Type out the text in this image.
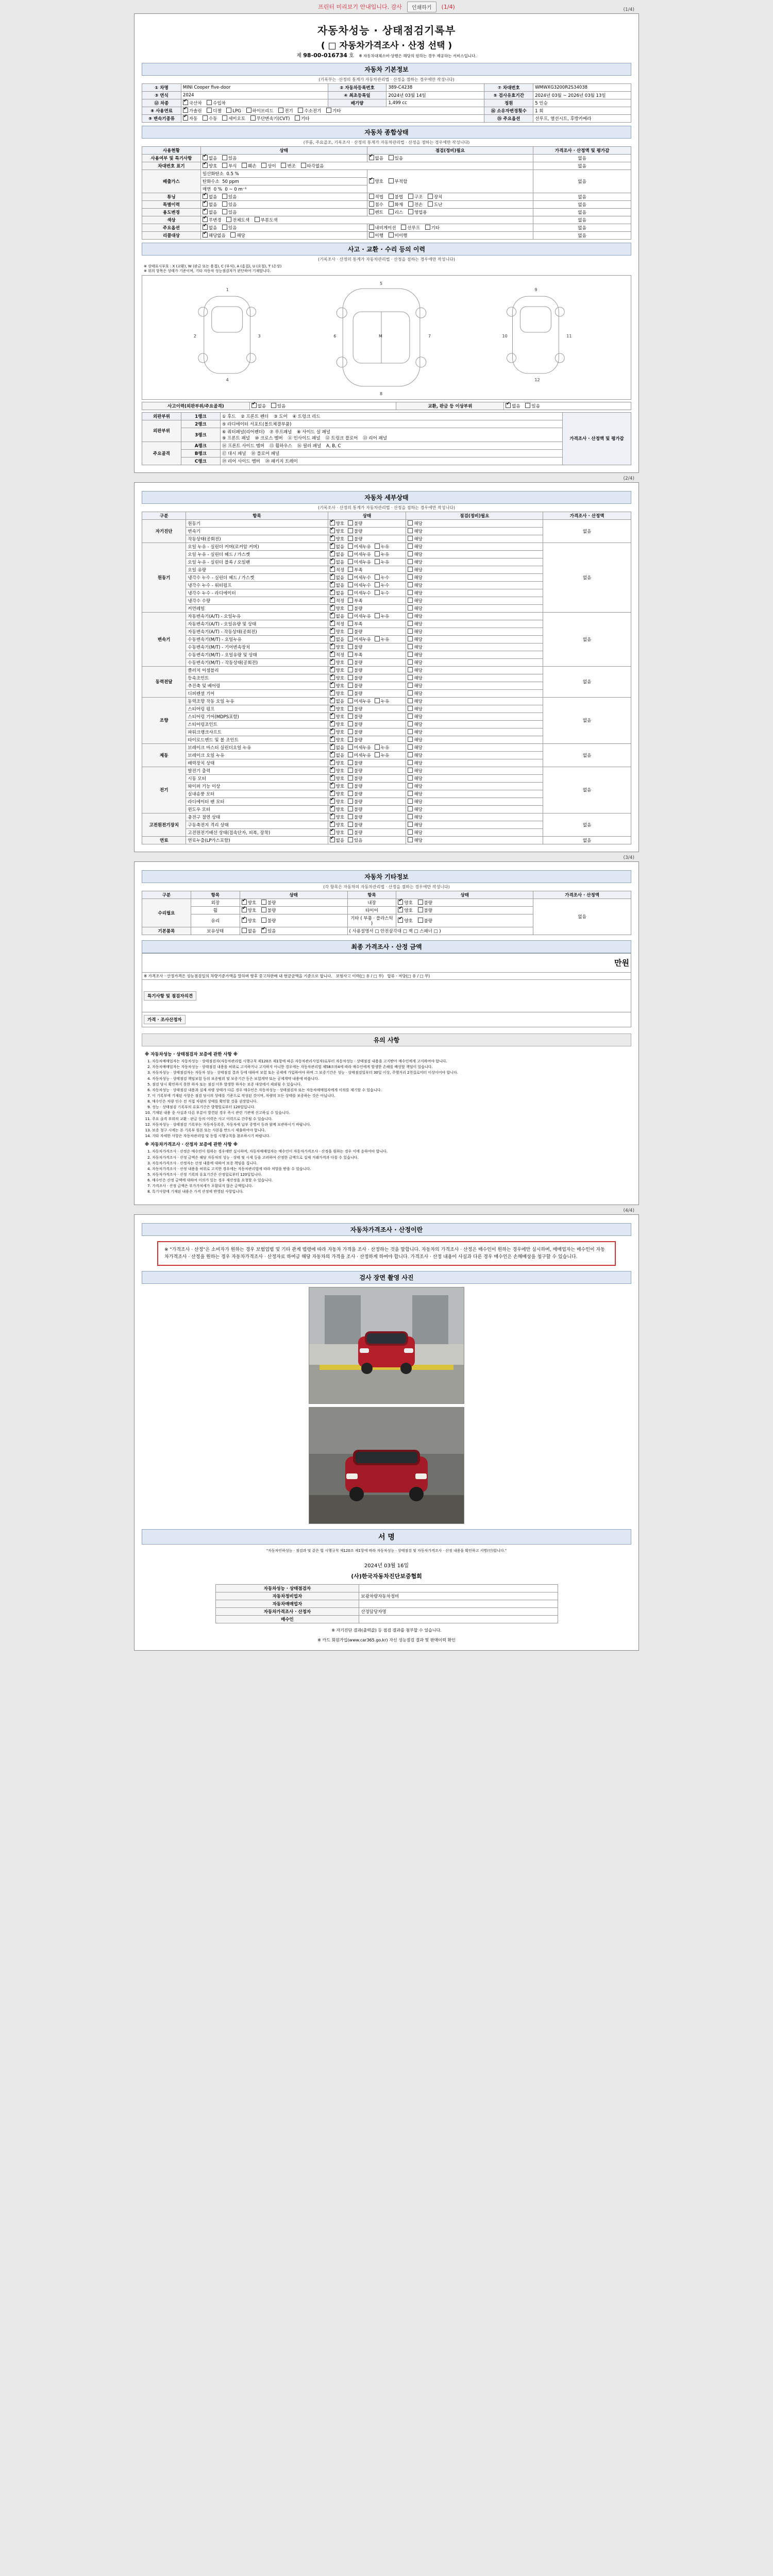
프린터 미리보기 안내입니다. 감사	인쇄하기	(1/4)	(1/4)
자동차성능 · 상태점검기록부
( □ 자동차가격조사 · 산정 선택 )
제 98-00-016734 호 ※ 자동차대체소비·상행은 해당의 원하는 경우 제공하는 서비스입니다.
자동차 기본정보
(기록부는 ·산정의 통계가 자동차관리법 · 산정을 점하는 경우에만 작성니다)
① 차명	MINI Cooper five-door	② 자동차등록번호	389-C4238	⑦ 차대번호	WMWXG3200R2S34038
③ 연식	2024	④ 최초등록일	2024년 03월 14일	⑤ 검사유효기간	2024년 03월 ~ 2026년 03월 13일
⑫ 차종	✔국산차 수입차	배기량	1,499 cc	정원	5 인승
⑧ 사용연료	✔가솔린 디젤 LPG 하이브리드 전기 수소전기 기타			⑯ 소유자변경횟수	1 회
⑨ 변속기종류	✔자동 수동 세미오토 무단변속기(CVT) 기타			⑮ 주요옵션	선루프, 열선시트, 후방카메라
자동차 종합상태
(부품, 주요골조, 기록조사 · 산정의 통계가 자동차관리법 · 산정을 점하는 경우에만 작성니다)
사용현황	상태	점검(정비)필요	가격조사 · 산정액 및 평가감
사용여부 및 특기사항	✔없음 있음	✔없음 있음	없음
차대번호 표기	✔양호 부식 훼손 상이 변조 타각없음		없음
배출가스	일산화탄소 0.5 %	✔양호 부적합	없음
	탄화수소 50 ppm		
	매연 0 % 0 ~ 0 m⁻¹		
튜닝	✔없음 있음	적법 불법 구조 장치	없음
특별이력	✔없음 있음	침수 화재 전손 도난	없음
용도변경	✔없음 있음	렌트 리스 영업용	없음
색상	✔무변경 전체도색 부분도색		없음
주요옵션	✔없음 있음	내비게이션 선루프 기타	없음
리콜대상	✔해당없음 해당	이행 미이행	없음
사고 · 교환 · 수리 등의 이력
(기록조사 · 산정의 통계가 자동차관리법 · 산정을 점하는 경우에만 작성니다)
※ 상태표시부호 : X (교환), W (판금 또는 용접), C (부식), A (흠집), U (요철), T (손상)
※ 위의 항목은 상태가 기준이며, 기타 자동차 성능점검자가 판단하여 기재합니다.
1
4
2	3
5
8
6	7
9
12
10	11
M
사고이력(외판부위/주요골격)	✔없음	있음	교환, 판금 등 이상부위	✔없음	있음
외판부위	1랭크	① 후드 ② 프론트 펜더 ③ 도어 ④ 트렁크 리드	가격조사 · 산정액 및 평가감
외판부위	2랭크	⑤ 라디에이터 서포트(볼트체결부품)	
	3랭크	⑥ 쿼터패널(리어펜더) ⑦ 루프패널 ⑧ 사이드 실 패널
⑨ 프론트 패널 ⑩ 크로스 멤버 ⑪ 인사이드 패널 ⑫ 트렁크 플로어 ⑬ 리어 패널	
주요골격	A랭크	⑭ 프론트 사이드 멤버 ⑮ 휠하우스 ⑯ 필러 패널 A, B, C	
	B랭크	⑰ 대시 패널 ⑱ 플로어 패널	
	C랭크	⑲ 리어 사이드 멤버 ⑳ 패키지 트레이	
(2/4)
자동차 세부상태
(기록조사 · 산정의 통계가 자동차관리법 · 산정을 점하는 경우에만 작성니다)
구분	항목	상태	점검(정비)필요	가격조사 · 산정액
자기진단	원동기	✔양호 불량	해당	없음
	변속기	✔양호 불량	해당	
	작동상태(공회전)	✔양호 불량	해당	
원동기	오일 누유 - 실린더 커버(로커암 커버)	✔없음 미세누유 누유	해당	없음
	오일 누유 - 실린더 헤드 / 가스켓	✔없음 미세누유 누유	해당	
	오일 누유 - 실린더 블록 / 오일팬	✔없음 미세누유 누유	해당	
	오일 유량	✔적정 부족	해당	
	냉각수 누수 - 실린더 헤드 / 가스켓	✔없음 미세누수 누수	해당	
	냉각수 누수 - 워터펌프	✔없음 미세누수 누수	해당	
	냉각수 누수 - 라디에이터	✔없음 미세누수 누수	해당	
	냉각수 수량	✔적정 부족	해당	
	커먼레일	✔양호 불량	해당	
변속기	자동변속기(A/T) - 오일누유	✔없음 미세누유 누유	해당	없음
	자동변속기(A/T) - 오일유량 및 상태	✔적정 부족	해당	
	자동변속기(A/T) - 작동상태(공회전)	✔양호 불량	해당	
	수동변속기(M/T) - 오일누유	✔없음 미세누유 누유	해당	
	수동변속기(M/T) - 기어변속장치	✔양호 불량	해당	
	수동변속기(M/T) - 오일유량 및 상태	✔적정 부족	해당	
	수동변속기(M/T) - 작동상태(공회전)	✔양호 불량	해당	
동력전달	클러치 어셈블리	✔양호 불량	해당	없음
	등속조인트	✔양호 불량	해당	
	추진축 및 베어링	✔양호 불량	해당	
	디퍼렌셜 기어	✔양호 불량	해당	
조향	동력조향 작동 오일 누유	✔없음 미세누유 누유	해당	없음
	스티어링 펌프	✔양호 불량	해당	
	스티어링 기어(MDPS포함)	✔양호 불량	해당	
	스티어링조인트	✔양호 불량	해당	
	파워크랭크샤프트	✔양호 불량	해당	
	타이로드엔드 및 볼 조인트	✔양호 불량	해당	
제동	브레이크 마스터 실린더오일 누유	✔없음 미세누유 누유	해당	없음
	브레이크 오일 누유	✔없음 미세누유 누유	해당	
	배력장치 상태	✔양호 불량	해당	
전기	발전기 출력	✔양호 불량	해당	없음
	시동 모터	✔양호 불량	해당	
	와이퍼 기능 이상	✔양호 불량	해당	
	실내송풍 모터	✔양호 불량	해당	
	라디에이터 팬 모터	✔양호 불량	해당	
	윈도우 모터	✔양호 불량	해당	
고전원전기장치	충전구 절연 상태	✔양호 불량	해당	없음
	구동축전지 격리 상태	✔양호 불량	해당	
	고전원전기배선 상태(접속단자, 피복, 장착)	✔양호 불량	해당	
연료	연료누출(LP가스포함)	✔없음 있음	해당	없음
(3/4)
자동차 기타정보
(각 항목은 자동차의 자동차관리법 · 산정을 점하는 경우에만 작성니다)
구분	항목	상태	항목	상태	가격조사 · 산정액
수리필요	외장	✔양호 불량	내장	✔양호 불량	없음
	휠	✔양호 불량	타이어	✔양호 불량
	유리	✔양호 불량	기타 ( 부품 · 플라스틱 )	✔양호 불량
기본품목	보유상태	없음 ✔ 있음	( 사용설명서 □ 안전삼각대 □ 잭 □ 스패너 □ )		
최종 가격조사 · 산정 금액
만원
※ 가격조사 · 산정가격은 성능점검일의 차량기준가액을 말하며 향후 중고차판매 내 현금금액을 기준으로 합니다. 보험사고 이력(□ 유 / □ 무) 압류 · 저당(□ 유 / □ 무)
특기사항 및 점검자의견
가격 · 조사산정자
유의 사항
※ 자동차성능 · 상태점검자 보증에 관한 사항 ※
1. 자동차매매업자는 자동차성능 · 상태점검자(자동차관리법 시행규칙 제120조 제1항에 따른 자동차관리사업자)로부터 자동차성능 · 상태점검 내용을 고지받아 매수인에게 고지하여야 합니다.
2. 자동차매매업자는 자동차성능 · 상태점검 내용을 허위로 고지하거나 고지하지 아니한 경우에는 자동차관리법 제58조의4에 따라 매수인에게 발생한 손해를 배상할 책임이 있습니다.
3. 자동차성능 · 상태점검자는 자동차 성능 · 상태점검 결과 등에 대하여 보험 또는 공제에 가입하여야 하며 그 보증기간은 성능 · 상태점검일부터 30일 이상, 주행거리 2천킬로미터 이상이어야 합니다.
4. 자동차성능 · 상태점검 책임보험 등의 보증범위 및 보증기간 등은 보험계약 또는 공제계약 내용에 따릅니다.
5. 점검 당시 확인하지 못한 하자 또는 점검 이후 발생한 하자는 보증 대상에서 제외될 수 있습니다.
6. 자동차성능 · 상태점검 내용과 실제 차량 상태가 다른 경우 매수인은 자동차성능 · 상태점검자 또는 자동차매매업자에게 이의를 제기할 수 있습니다.
7. 이 기록부에 기재된 사항은 점검 당시의 상태를 기준으로 작성된 것이며, 차량의 모든 상태를 보증하는 것은 아닙니다.
8. 매수인은 차량 인수 전 직접 차량의 상태를 확인할 것을 권장합니다.
9. 성능 · 상태점검 기록부의 유효기간은 발행일로부터 120일입니다.
10. 기재된 내용 중 사실과 다른 부분이 발견된 경우 즉시 관련 기관에 신고하실 수 있습니다.
11. 주요 골격 부위의 교환 · 판금 등의 이력은 사고 이력으로 간주될 수 있습니다.
12. 자동차성능 · 상태점검 기록부는 자동차등록증, 자동차세 납부 증명서 등과 함께 보관하시기 바랍니다.
13. 보증 청구 시에는 본 기록부 원본 또는 사본을 반드시 제출하여야 합니다.
14. 기타 자세한 사항은 자동차관리법 및 동법 시행규칙을 참조하시기 바랍니다.
※ 자동차가격조사 · 산정자 보증에 관한 사항 ※
1. 자동차가격조사 · 산정은 매수인이 원하는 경우에만 실시하며, 자동차매매업자는 매수인이 자동차가격조사 · 산정을 원하는 경우 이에 응하여야 합니다.
2. 자동차가격조사 · 산정 금액은 해당 자동차의 성능 · 상태 및 시세 등을 고려하여 산정한 금액으로 실제 거래가격과 다를 수 있습니다.
3. 자동차가격조사 · 산정자는 산정 내용에 대하여 보증 책임을 집니다.
4. 자동차가격조사 · 산정 내용을 허위로 고지한 경우에는 자동차관리법에 따라 처벌을 받을 수 있습니다.
5. 자동차가격조사 · 산정 기록의 유효기간은 산정일로부터 120일입니다.
6. 매수인은 산정 금액에 대하여 이의가 있는 경우 재산정을 요청할 수 있습니다.
7. 가격조사 · 산정 금액은 부가가치세가 포함되지 않은 금액입니다.
8. 특기사항에 기재된 내용은 가격 산정에 반영된 사항입니다.
(4/4)
자동차가격조사 · 산정이란
※ "가격조사 · 산정"은 소비자가 원하는 경우 보험업법 및 기타 관계 법령에 따라 자동차 가격을 조사 · 산정하는 것을 말합니다. 자동차의 가격조사 · 산정은 매수인이 원하는 경우에만 실시하며, 매매업자는 매수인이 자동차가격조사 · 산정을 원하는 경우 자동차가격조사 · 산정자로 하여금 해당 자동차의 가격을 조사 · 산정하게 하여야 합니다. 가격조사 · 산정 내용이 사실과 다른 경우 매수인은 손해배상을 청구할 수 있습니다.
검사 장면 촬영 사진
서 명
"자동차인하성능 · 점검과 및 같은 법 시행규칙 제120조 제1항에 따라 자동차성능 · 상태점검 및 자동차가격조사 · 산정 내용을 확인하고 서명(인)합니다."
2024년 03월 16일
(사)한국자동차진단보증협회
자동차성능 · 상태점검자	
자동차정비업자	보광차량자동차정비
자동차매매업자	
자동차가격조사 · 산정자	산정담당자명
매수인	
※ 자기진단 결과(출력값) 등 점검 결과를 첨부할 수 있습니다.
※ 카드 회원가입(www.car365.go.kr) 자신 성능점검 결과 및 판매이력 확인
